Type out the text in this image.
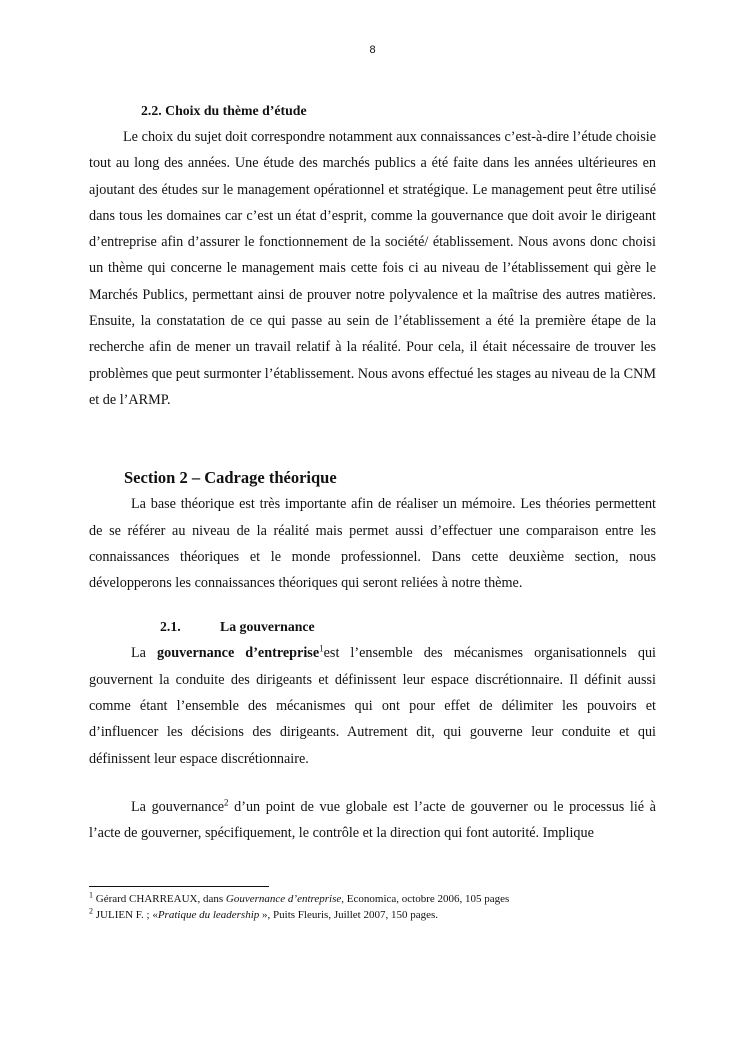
8

2.2. Choix du thème d’étude

Le choix du sujet doit correspondre notamment aux connaissances c’est-à-dire l’étude choisie tout au long des années. Une étude des marchés publics a été faite dans les années ultérieures en ajoutant des études sur le management opérationnel et stratégique. Le management peut être utilisé dans tous les domaines car c’est un état d’esprit, comme la gouvernance que doit avoir le dirigeant d’entreprise afin d’assurer le fonctionnement de la société/ établissement. Nous avons donc choisi un thème qui concerne le management mais cette fois ci au niveau de l’établissement qui gère le Marchés Publics, permettant ainsi de prouver notre polyvalence et la maîtrise des autres matières. Ensuite, la constatation de ce qui passe au sein de l’établissement a été la première étape de la recherche afin de mener un travail relatif à la réalité. Pour cela, il était nécessaire de trouver les problèmes que peut surmonter l’établissement. Nous avons effectué les stages au niveau de la CNM et de l’ARMP.

Section 2 – Cadrage théorique

La base théorique est très importante afin de réaliser un mémoire. Les théories permettent de se référer au niveau de la réalité mais permet aussi d’effectuer une comparaison entre les connaissances théoriques et le monde professionnel. Dans cette deuxième section, nous développerons les connaissances théoriques qui seront reliées à notre thème.

2.1.	La gouvernance

La gouvernance d’entreprise$^1$est l’ensemble des mécanismes organisationnels qui gouvernent la conduite des dirigeants et définissent leur espace discrétionnaire. Il définit aussi comme étant l’ensemble des mécanismes qui ont pour effet de délimiter les pouvoirs et d’influencer les décisions des dirigeants. Autrement dit, qui gouverne leur conduite et qui définissent leur espace discrétionnaire.

La gouvernance$^2$ d’un point de vue globale est l’acte de gouverner ou le processus lié à l’acte de gouverner, spécifiquement, le contrôle et la direction qui font autorité. Implique

$^1$ Gérard CHARREAUX, dans Gouvernance d’entreprise, Economica, octobre 2006, 105 pages

$^2$ JULIEN F. ; «Pratique du leadership », Puits Fleuris, Juillet 2007, 150 pages.
